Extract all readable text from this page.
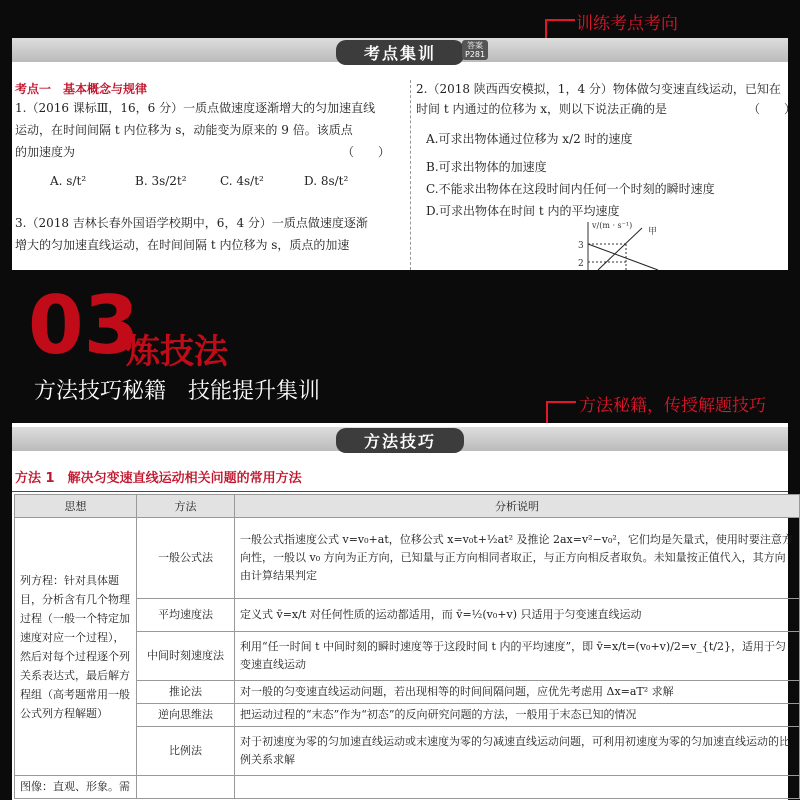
训练考点考向
考点集训	答案
P281
考点一　基本概念与规律
1.（2016 课标Ⅲ，16，6 分）一质点做速度逐渐增大的匀加速直线
运动，在时间间隔 t 内位移为 s，动能变为原来的 9 倍。该质点
的加速度为	（　　）
A. s/t²	B. 3s/2t²	C. 4s/t²	D. 8s/t²
3.（2018 吉林长春外国语学校期中，6，4 分）一质点做速度逐渐
增大的匀加速直线运动，在时间间隔 t 内位移为 s，质点的加速
2.（2018 陕西西安模拟，1，4 分）物体做匀变速直线运动，已知在
时间 t 内通过的位移为 x，则以下说法正确的是	（　　）
A.可求出物体通过位移为 x/2 时的速度
B.可求出物体的加速度
C.不能求出物体在这段时间内任何一个时刻的瞬时速度
D.可求出物体在时间 t 内的平均速度
v/(m · s⁻¹)
3
2
甲
03
炼技法
方法技巧秘籍　技能提升集训
方法秘籍，传授解题技巧
方法技巧
方法 1　解决匀变速直线运动相关问题的常用方法
思想	方法	分析说明
列方程：针对具体题目，分析含有几个物理过程（一般一个特定加速度对应一个过程），然后对每个过程逐个列关系表达式，最后解方程组（高考题常用一般公式列方程解题）	一般公式法	一般公式指速度公式 v=v₀+at，位移公式 x=v₀t+½at² 及推论 2ax=v²−v₀²，它们均是矢量式，使用时要注意方向性，一般以 v₀ 方向为正方向，已知量与正方向相同者取正，与正方向相反者取负。未知量按正值代入，其方向由计算结果判定
	平均速度法	定义式 v̄=x/t 对任何性质的运动都适用，而 v̄=½(v₀+v) 只适用于匀变速直线运动
	中间时刻速度法	利用“任一时间 t 中间时刻的瞬时速度等于这段时间 t 内的平均速度”，即 v̄=x/t=(v₀+v)/2=v_{t/2}，适用于匀变速直线运动
	推论法	对一般的匀变速直线运动问题，若出现相等的时间间隔问题，应优先考虑用 Δx=aT² 求解
	逆向思维法	把运动过程的“末态”作为“初态”的反向研究问题的方法，一般用于末态已知的情况
	比例法	对于初速度为零的匀加速直线运动或末速度为零的匀减速直线运动问题，可利用初速度为零的匀加速直线运动的比例关系求解
图像：直观、形象。需		
